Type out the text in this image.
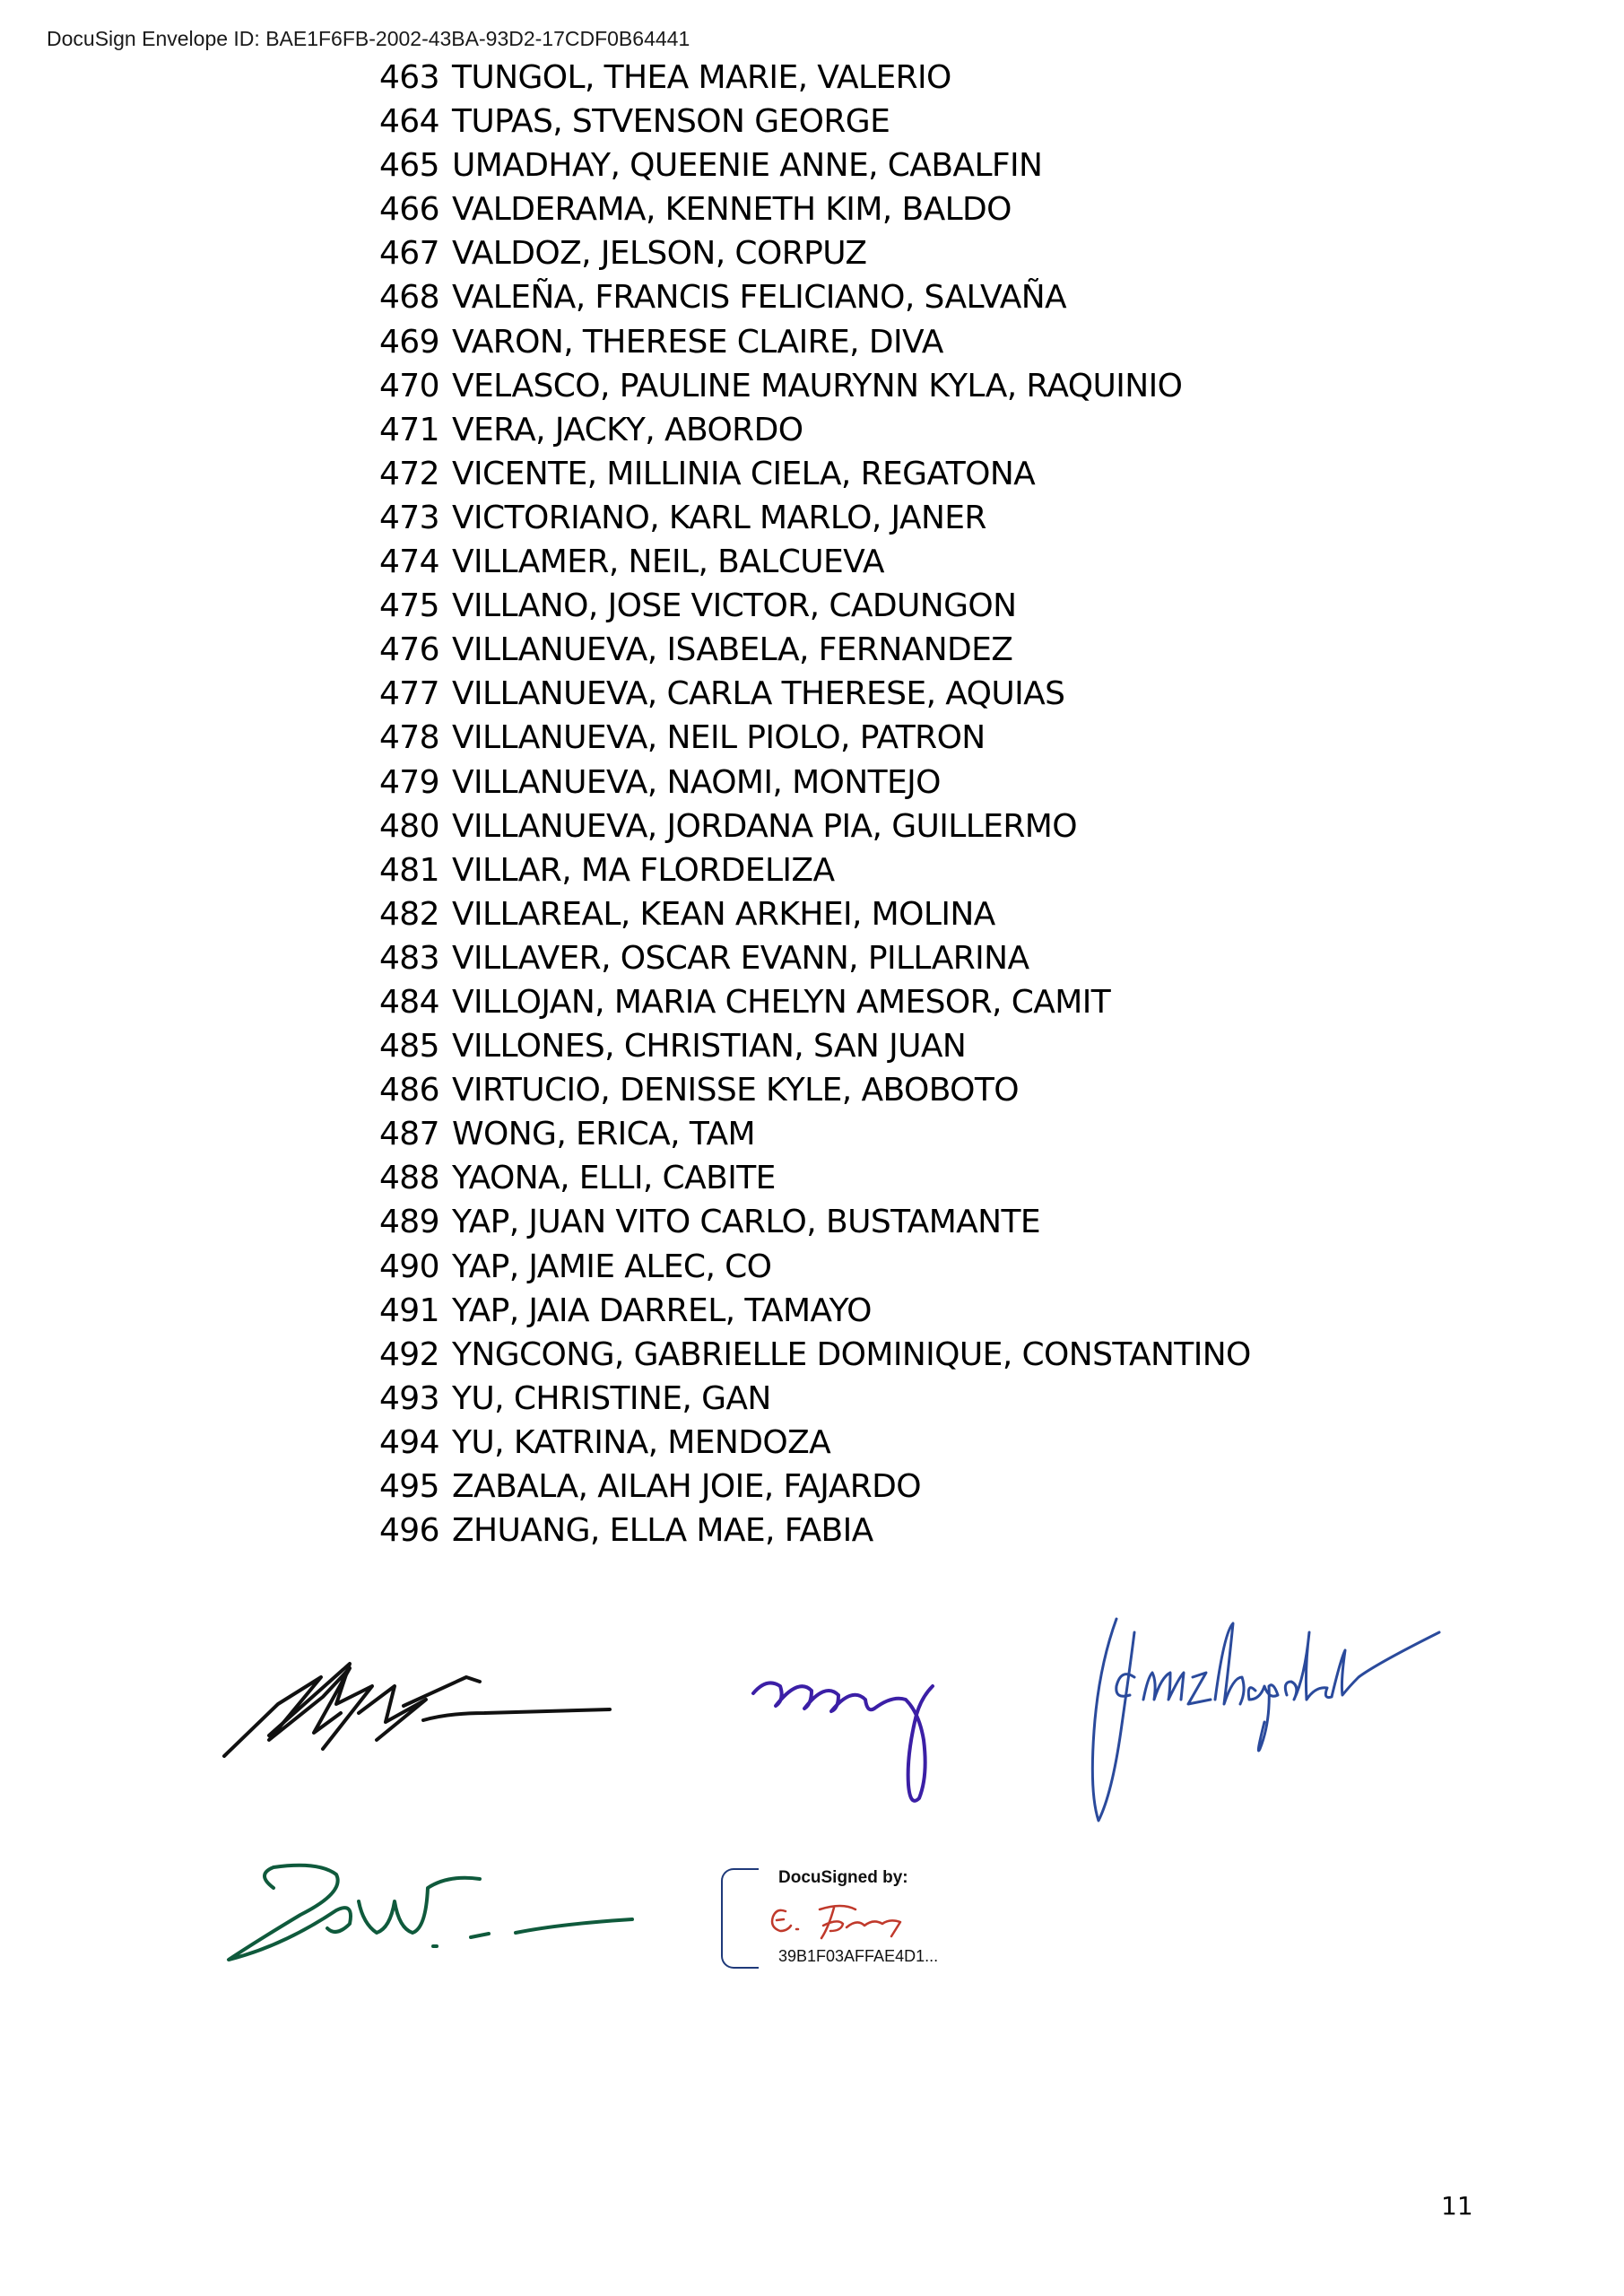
DocuSign Envelope ID: BAE1F6FB-2002-43BA-93D2-17CDF0B64441
463 TUNGOL, THEA MARIE, VALERIO
464 TUPAS, STVENSON GEORGE
465 UMADHAY, QUEENIE ANNE, CABALFIN
466 VALDERAMA, KENNETH KIM, BALDO
467 VALDOZ, JELSON, CORPUZ
468 VALEÑA, FRANCIS FELICIANO, SALVAÑA
469 VARON, THERESE CLAIRE, DIVA
470 VELASCO, PAULINE MAURYNN KYLA, RAQUINIO
471 VERA, JACKY, ABORDO
472 VICENTE, MILLINIA CIELA, REGATONA
473 VICTORIANO, KARL MARLO, JANER
474 VILLAMER, NEIL, BALCUEVA
475 VILLANO, JOSE VICTOR, CADUNGON
476 VILLANUEVA, ISABELA, FERNANDEZ
477 VILLANUEVA, CARLA THERESE, AQUIAS
478 VILLANUEVA, NEIL PIOLO, PATRON
479 VILLANUEVA, NAOMI, MONTEJO
480 VILLANUEVA, JORDANA PIA, GUILLERMO
481 VILLAR, MA FLORDELIZA
482 VILLAREAL, KEAN ARKHEI, MOLINA
483 VILLAVER, OSCAR EVANN, PILLARINA
484 VILLOJAN, MARIA CHELYN AMESOR, CAMIT
485 VILLONES, CHRISTIAN, SAN JUAN
486 VIRTUCIO, DENISSE KYLE, ABOBOTO
487 WONG, ERICA, TAM
488 YAONA, ELLI, CABITE
489 YAP, JUAN VITO CARLO, BUSTAMANTE
490 YAP, JAMIE ALEC, CO
491 YAP, JAIA DARREL, TAMAYO
492 YNGCONG, GABRIELLE DOMINIQUE, CONSTANTINO
493 YU, CHRISTINE, GAN
494 YU, KATRINA, MENDOZA
495 ZABALA, AILAH JOIE, FAJARDO
496 ZHUANG, ELLA MAE, FABIA
DocuSigned by:
39B1F03AFFAE4D1...
11
